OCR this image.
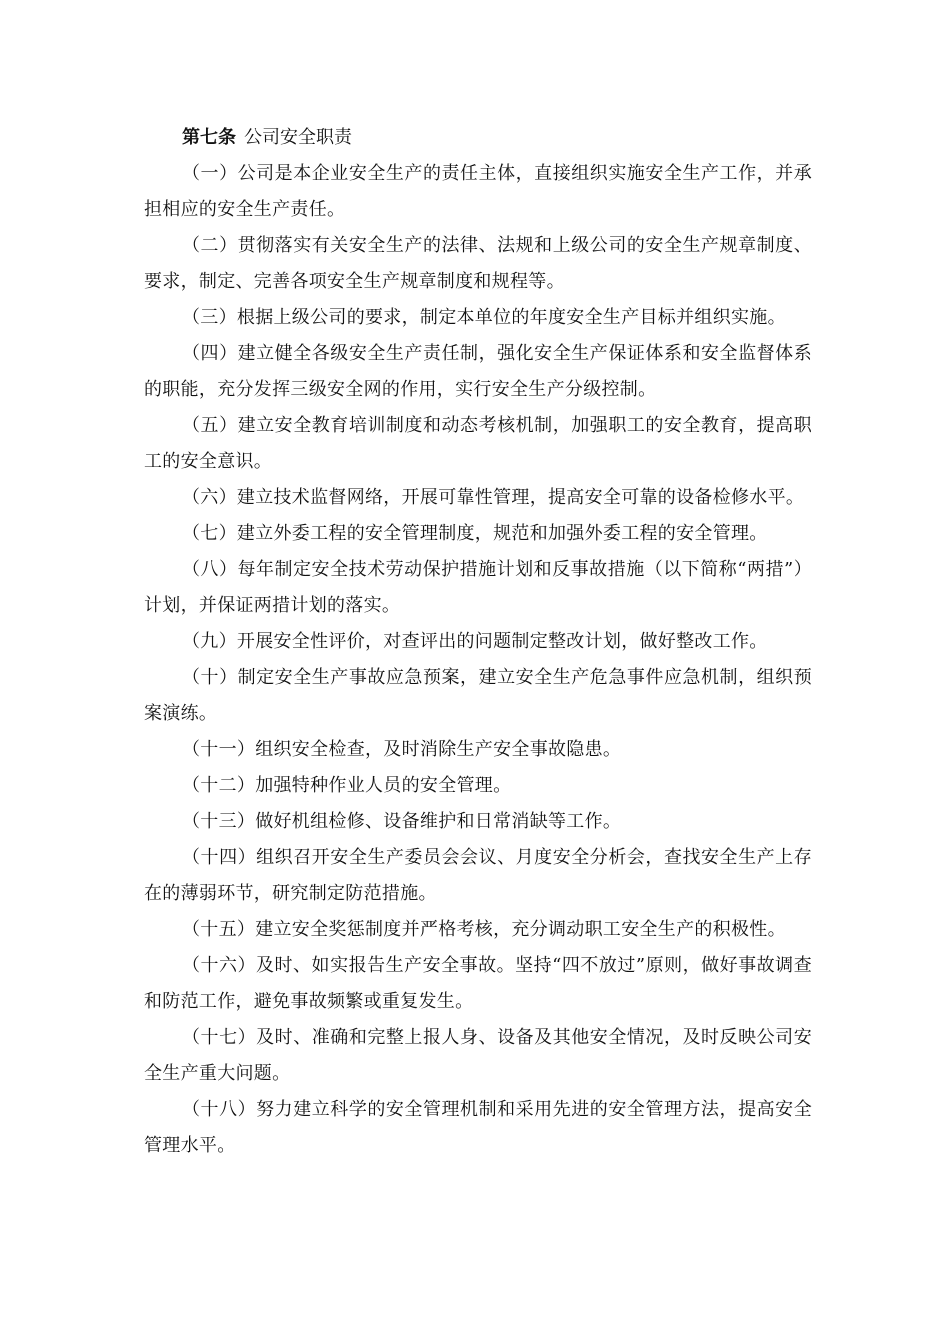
第七条 公司安全职责

（一）公司是本企业安全生产的责任主体，直接组织实施安全生产工作，并承担相应的安全生产责任。

（二）贯彻落实有关安全生产的法律、法规和上级公司的安全生产规章制度、要求，制定、完善各项安全生产规章制度和规程等。

（三）根据上级公司的要求，制定本单位的年度安全生产目标并组织实施。

（四）建立健全各级安全生产责任制，强化安全生产保证体系和安全监督体系的职能，充分发挥三级安全网的作用，实行安全生产分级控制。

（五）建立安全教育培训制度和动态考核机制，加强职工的安全教育，提高职工的安全意识。

（六）建立技术监督网络，开展可靠性管理，提高安全可靠的设备检修水平。

（七）建立外委工程的安全管理制度，规范和加强外委工程的安全管理。

（八）每年制定安全技术劳动保护措施计划和反事故措施（以下简称“两措”）计划，并保证两措计划的落实。

（九）开展安全性评价，对查评出的问题制定整改计划，做好整改工作。

（十）制定安全生产事故应急预案，建立安全生产危急事件应急机制，组织预案演练。

（十一）组织安全检查，及时消除生产安全事故隐患。

（十二）加强特种作业人员的安全管理。

（十三）做好机组检修、设备维护和日常消缺等工作。

（十四）组织召开安全生产委员会会议、月度安全分析会，查找安全生产上存在的薄弱环节，研究制定防范措施。

（十五）建立安全奖惩制度并严格考核，充分调动职工安全生产的积极性。

（十六）及时、如实报告生产安全事故。坚持“四不放过”原则，做好事故调查和防范工作，避免事故频繁或重复发生。

（十七）及时、准确和完整上报人身、设备及其他安全情况，及时反映公司安全生产重大问题。

（十八）努力建立科学的安全管理机制和采用先进的安全管理方法，提高安全管理水平。
